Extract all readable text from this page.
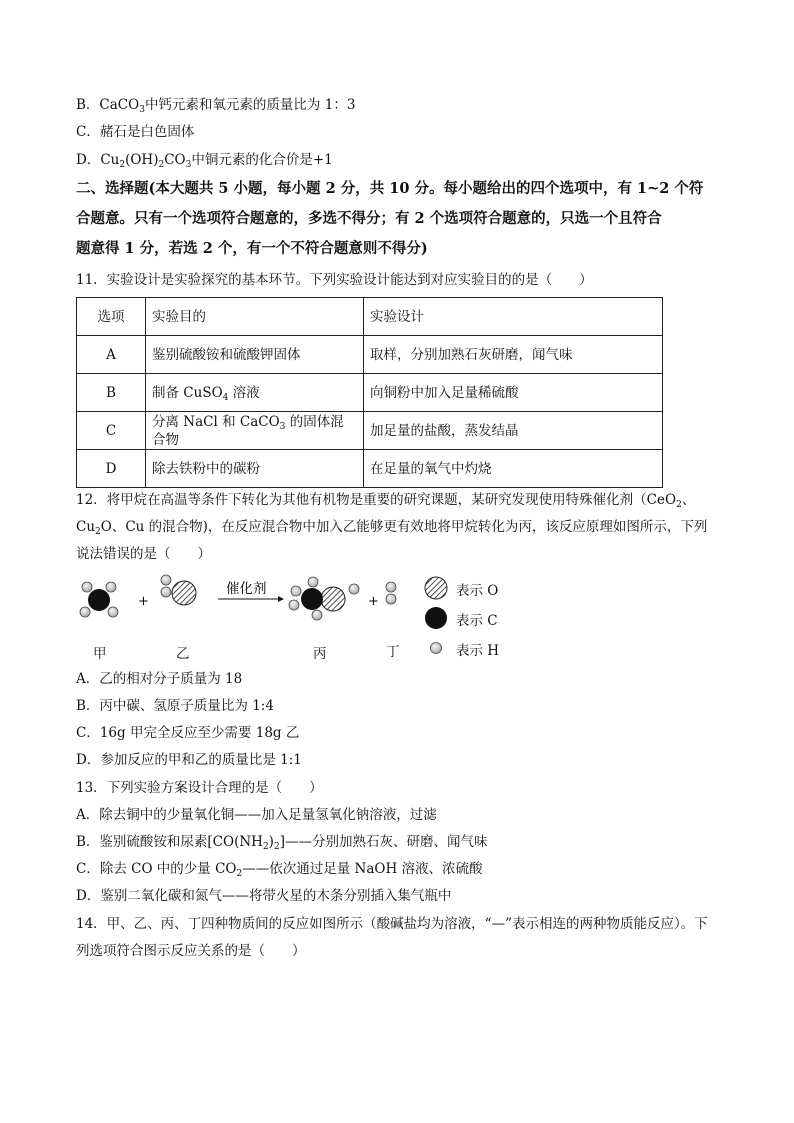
B．CaCO$_3$中钙元素和氧元素的质量比为 1：3
C．赭石是白色固体
D．$Cu_2(OH)_2CO_3$中铜元素的化合价是+1
二、选择题(本大题共 5 小题，每小题 2 分，共 10 分。每小题给出的四个选项中，有 1~2 个符
合题意。只有一个选项符合题意的，多选不得分；有 2 个选项符合题意的，只选一个且符合
题意得 1 分，若选 2 个，有一个不符合题意则不得分)
11．实验设计是实验探究的基本环节。下列实验设计能达到对应实验目的的是（　　）
选项	实验目的	实验设计
A	鉴别硫酸铵和硫酸钾固体	取样，分别加熟石灰研磨，闻气味
B	制备 CuSO$_4$ 溶液	向铜粉中加入足量稀硫酸
C	分离 NaCl 和 CaCO$_3$ 的固体混合物	加足量的盐酸，蒸发结晶
D	除去铁粉中的碳粉	在足量的氧气中灼烧
12．将甲烷在高温等条件下转化为其他有机物是重要的研究课题，某研究发现使用特殊催化剂（CeO$_2$、
$Cu_2O$、Cu 的混合物)，在反应混合物中加入乙能够更有效地将甲烷转化为丙，该反应原理如图所示，下列
说法错误的是（　　）
+
催化剂
+
甲	乙	丙	丁
表示 O
表示 C
表示 H
A．乙的相对分子质量为 18
B．丙中碳、氢原子质量比为 1:4
C．16g 甲完全反应至少需要 18g 乙
D．参加反应的甲和乙的质量比是 1:1
13．下列实验方案设计合理的是（　　）
A．除去铜中的少量氧化铜——加入足量氢氧化钠溶液，过滤
B．鉴别硫酸铵和尿素$[CO(NH_2)_2]——$分别加熟石灰、研磨、闻气味
C．除去 CO 中的少量 $CO_2——$依次通过足量 NaOH 溶液、浓硫酸
D．鉴别二氧化碳和氮气——将带火星的木条分别插入集气瓶中
14．甲、乙、丙、丁四种物质间的反应如图所示（酸碱盐均为溶液，“—”表示相连的两种物质能反应）。下
列选项符合图示反应关系的是（　　）
